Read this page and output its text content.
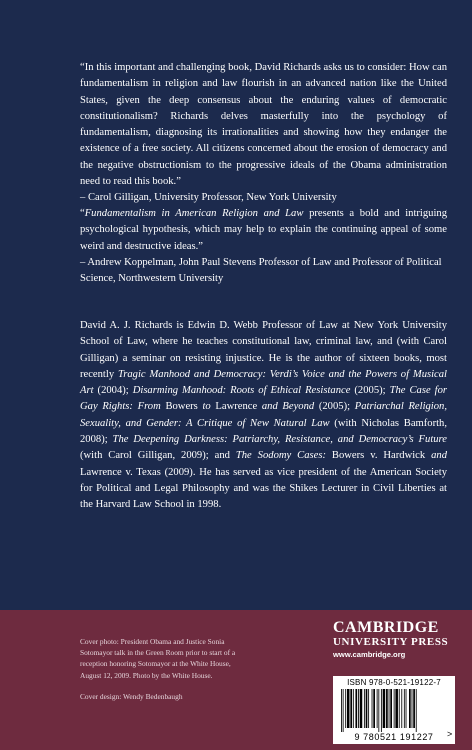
“In this important and challenging book, David Richards asks us to consider: How can fundamentalism in religion and law flourish in an advanced nation like the United States, given the deep consensus about the enduring values of democratic constitutionalism? Richards delves masterfully into the psychology of fundamentalism, diagnosing its irrationalities and showing how they endanger the existence of a free society. All citizens concerned about the erosion of democracy and the negative obstructionism to the progressive ideals of the Obama administration need to read this book.”
– Carol Gilligan, University Professor, New York University

“Fundamentalism in American Religion and Law presents a bold and intriguing psychological hypothesis, which may help to explain the continuing appeal of some weird and destructive ideas.”
– Andrew Koppelman, John Paul Stevens Professor of Law and Professor of Political Science, Northwestern University

David A. J. Richards is Edwin D. Webb Professor of Law at New York University School of Law, where he teaches constitutional law, criminal law, and (with Carol Gilligan) a seminar on resisting injustice. He is the author of sixteen books, most recently Tragic Manhood and Democracy: Verdi’s Voice and the Powers of Musical Art (2004); Disarming Manhood: Roots of Ethical Resistance (2005); The Case for Gay Rights: From Bowers to Lawrence and Beyond (2005); Patriarchal Religion, Sexuality, and Gender: A Critique of New Natural Law (with Nicholas Bamforth, 2008); The Deepening Darkness: Patriarchy, Resistance, and Democracy’s Future (with Carol Gilligan, 2009); and The Sodomy Cases: Bowers v. Hardwick and Lawrence v. Texas (2009). He has served as vice president of the American Society for Political and Legal Philosophy and was the Shikes Lecturer in Civil Liberties at the Harvard Law School in 1998.

Cover photo: President Obama and Justice Sonia Sotomayor talk in the Green Room prior to start of a reception honoring Sotomayor at the White House, August 12, 2009. Photo by the White House.

Cover design: Wendy Bedenbaugh

CAMBRIDGE
UNIVERSITY PRESS
www.cambridge.org
ISBN 978-0-521-19122-7
9 780521 191227	>
